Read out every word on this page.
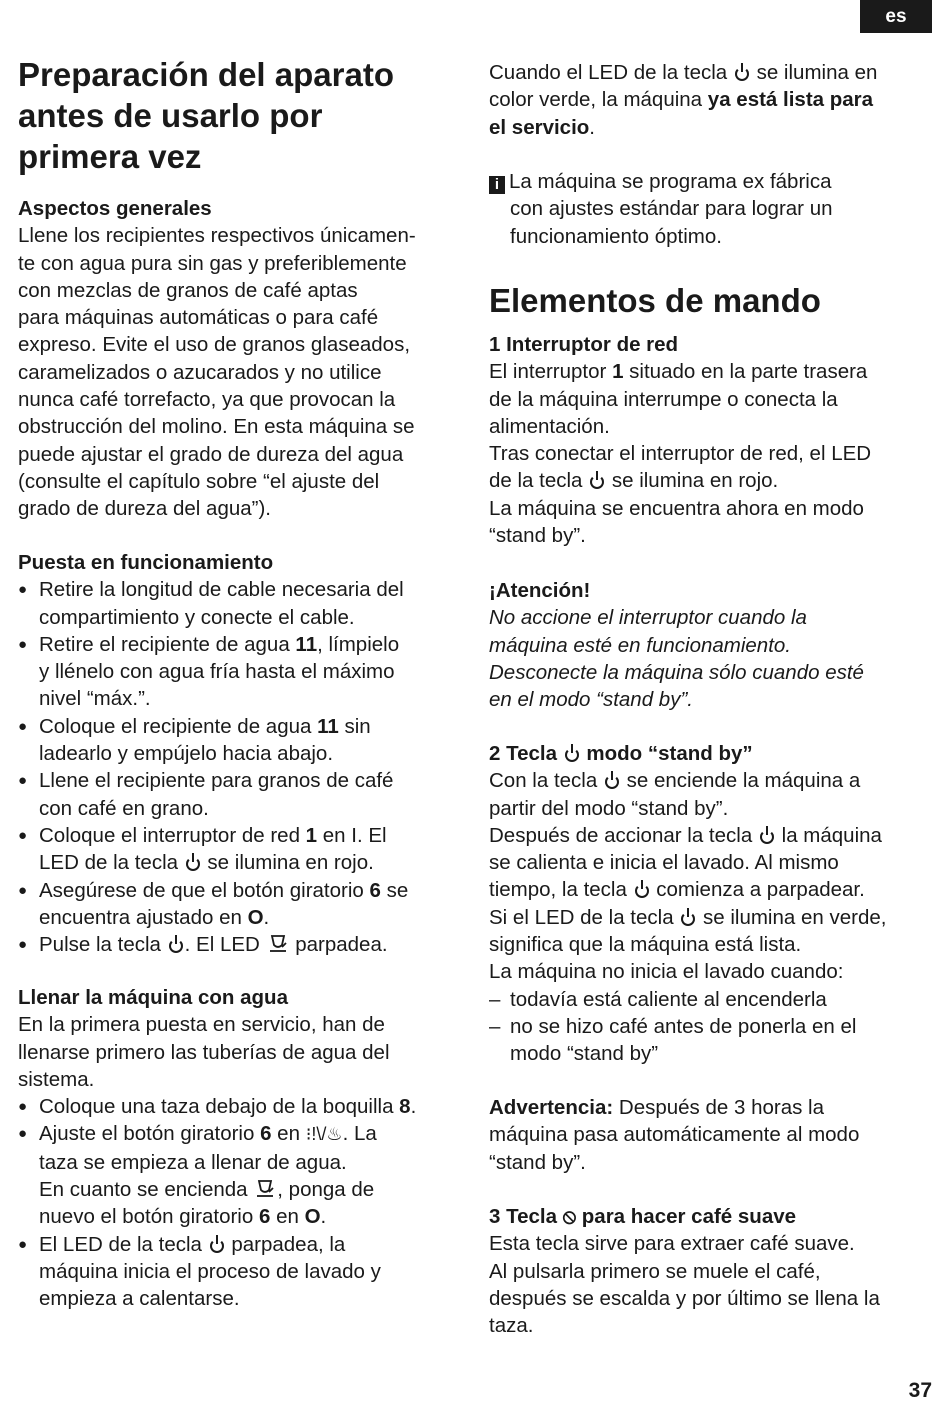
es
Preparación del aparato
antes de usarlo por
primera vez
Aspectos generales
Llene los recipientes respectivos únicamen-
te con agua pura sin gas y preferiblemente
con mezclas de granos de café aptas
para máquinas automáticas o para café
expreso. Evite el uso de granos glaseados,
caramelizados o azucarados y no utilice
nunca café torrefacto, ya que provocan la
obstrucción del molino. En esta máquina se
puede ajustar el grado de dureza del agua
(consulte el capítulo sobre “el ajuste del
grado de dureza del agua”).
Puesta en funcionamiento
● Retire la longitud de cable necesaria del
compartimiento y conecte el cable.
● Retire el recipiente de agua 11, límpielo
y llénelo con agua fría hasta el máximo
nivel “máx.”.
● Coloque el recipiente de agua 11 sin
ladearlo y empújelo hacia abajo.
● Llene el recipiente para granos de café
con café en grano.
● Coloque el interruptor de red 1 en I. El
LED de la tecla  se ilumina en rojo.
● Asegúrese de que el botón giratorio 6 se
encuentra ajustado en O.
● Pulse la tecla . El LED  parpadea.
Llenar la máquina con agua
En la primera puesta en servicio, han de
llenarse primero las tuberías de agua del
sistema.
● Coloque una taza debajo de la boquilla 8.
● Ajuste el botón giratorio 6 en ⁝!\/♨. La
taza se empieza a llenar de agua.
En cuanto se encienda , ponga de
nuevo el botón giratorio 6 en O.
● El LED de la tecla  parpadea, la
máquina inicia el proceso de lavado y
empieza a calentarse.
Cuando el LED de la tecla  se ilumina en
color verde, la máquina ya está lista para
el servicio.
i La máquina se programa ex fábrica
con ajustes estándar para lograr un
funcionamiento óptimo.
Elementos de mando
1 Interruptor de red
El interruptor 1 situado en la parte trasera
de la máquina interrumpe o conecta la
alimentación.
Tras conectar el interruptor de red, el LED
de la tecla  se ilumina en rojo.
La máquina se encuentra ahora en modo
“stand by”.
¡Atención!
No accione el interruptor cuando la
máquina esté en funcionamiento.
Desconecte la máquina sólo cuando esté
en el modo “stand by”.
2 Tecla  modo “stand by”
Con la tecla  se enciende la máquina a
partir del modo “stand by”.
Después de accionar la tecla  la máquina
se calienta e inicia el lavado. Al mismo
tiempo, la tecla  comienza a parpadear.
Si el LED de la tecla  se ilumina en verde,
significa que la máquina está lista.
La máquina no inicia el lavado cuando:
– todavía está caliente al encenderla
– no se hizo café antes de ponerla en el
modo “stand by”
Advertencia: Después de 3 horas la
máquina pasa automáticamente al modo
“stand by”.
3 Tecla ⦸ para hacer café suave
Esta tecla sirve para extraer café suave.
Al pulsarla primero se muele el café,
después se escalda y por último se llena la
taza.
37
